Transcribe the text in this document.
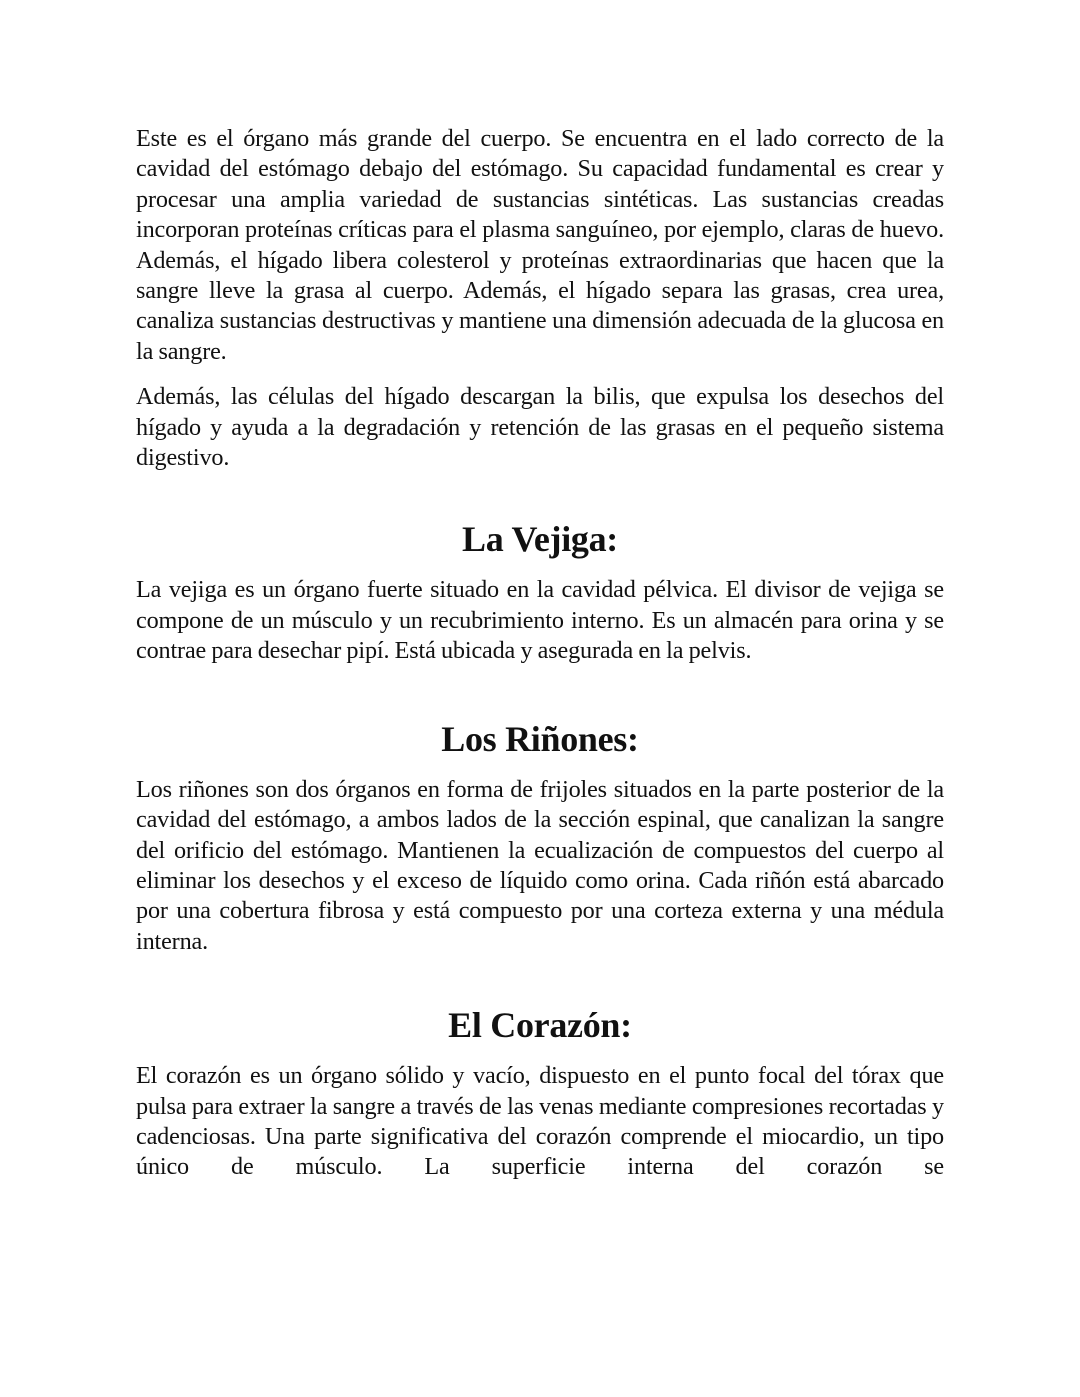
Este es el órgano más grande del cuerpo. Se encuentra en el lado correcto de la cavidad del estómago debajo del estómago. Su capacidad fundamental es crear y procesar una amplia variedad de sustancias sintéticas. Las sustancias creadas incorporan proteínas críticas para el plasma sanguíneo, por ejemplo, claras de huevo. Además, el hígado libera colesterol y proteínas extraordinarias que hacen que la sangre lleve la grasa al cuerpo. Además, el hígado separa las grasas, crea urea, canaliza sustancias destructivas y mantiene una dimensión adecuada de la glucosa en la sangre.

Además, las células del hígado descargan la bilis, que expulsa los desechos del hígado y ayuda a la degradación y retención de las grasas en el pequeño sistema digestivo.

La Vejiga:

La vejiga es un órgano fuerte situado en la cavidad pélvica. El divisor de vejiga se compone de un músculo y un recubrimiento interno. Es un almacén para orina y se contrae para desechar pipí. Está ubicada y asegurada en la pelvis.

Los Riñones:

Los riñones son dos órganos en forma de frijoles situados en la parte posterior de la cavidad del estómago, a ambos lados de la sección espinal, que canalizan la sangre del orificio del estómago. Mantienen la ecualización de compuestos del cuerpo al eliminar los desechos y el exceso de líquido como orina. Cada riñón está abarcado por una cobertura fibrosa y está compuesto por una corteza externa y una médula interna.

El Corazón:

El corazón es un órgano sólido y vacío, dispuesto en el punto focal del tórax que pulsa para extraer la sangre a través de las venas mediante compresiones recortadas y cadenciosas. Una parte significativa del corazón comprende el miocardio, un tipo único de músculo. La superficie interna del corazón se
